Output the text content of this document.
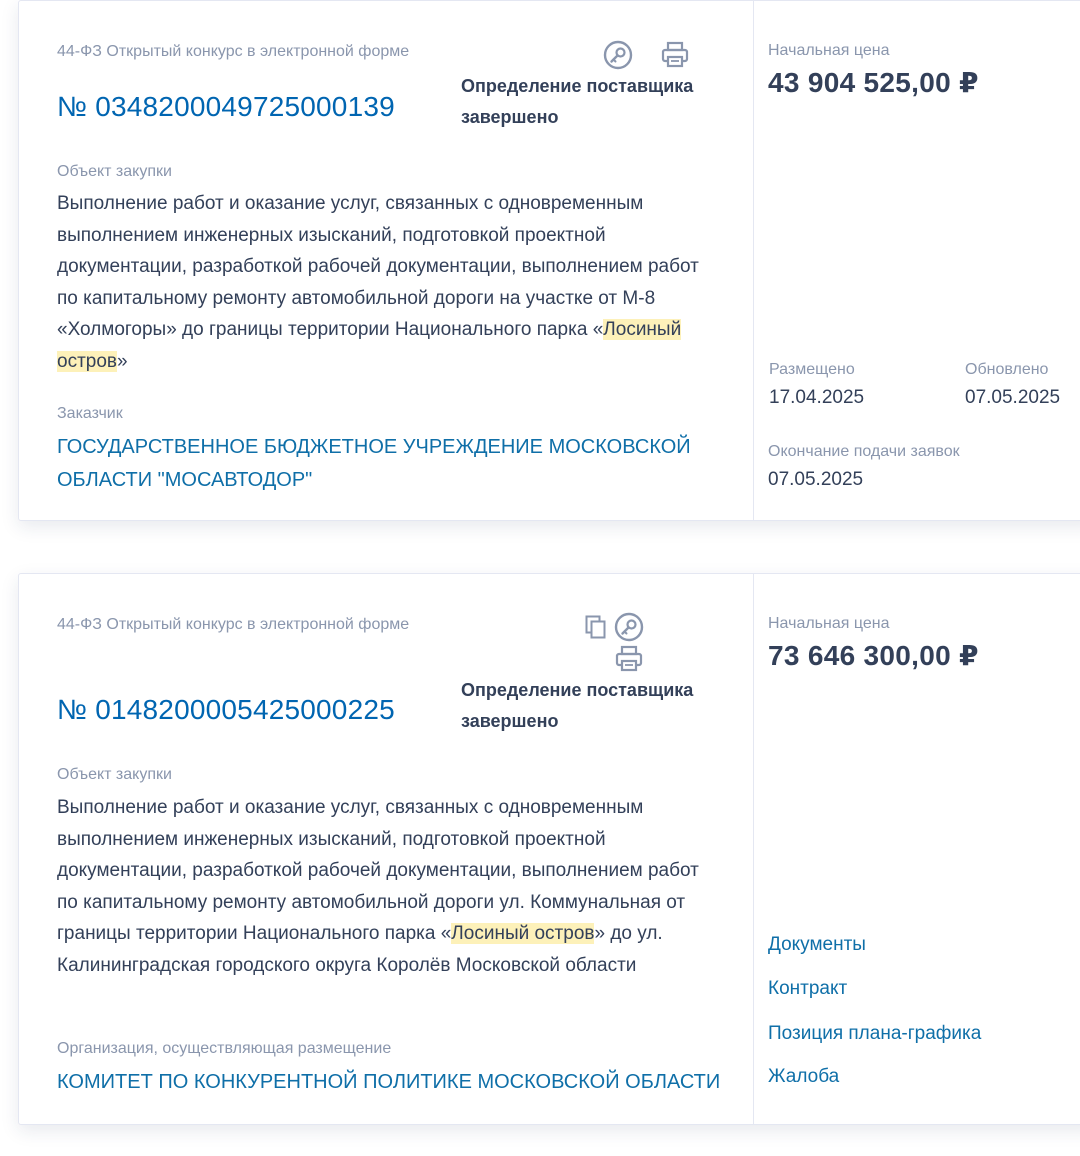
44-ФЗ Открытый конкурс в электронной форме
№ 0348200049725000139
Определение поставщика завершено
Объект закупки
Выполнение работ и оказание услуг, связанных с одновременным выполнением инженерных изысканий, подготовкой проектной документации, разработкой рабочей документации, выполнением работ по капитальному ремонту автомобильной дороги на участке от М-8 «Холмогоры» до границы территории Национального парка «Лосиный остров»
Заказчик
ГОСУДАРСТВЕННОЕ БЮДЖЕТНОЕ УЧРЕЖДЕНИЕ МОСКОВСКОЙ ОБЛАСТИ "МОСАВТОДОР"
Начальная цена
43 904 525,00 ₽
Размещено
17.04.2025
Обновлено
07.05.2025
Окончание подачи заявок
07.05.2025
44-ФЗ Открытый конкурс в электронной форме
№ 0148200005425000225
Определение поставщика завершено
Объект закупки
Выполнение работ и оказание услуг, связанных с одновременным выполнением инженерных изысканий, подготовкой проектной документации, разработкой рабочей документации, выполнением работ по капитальному ремонту автомобильной дороги ул. Коммунальная от границы территории Национального парка «Лосиный остров» до ул. Калининградская городского округа Королёв Московской области
Организация, осуществляющая размещение
КОМИТЕТ ПО КОНКУРЕНТНОЙ ПОЛИТИКЕ МОСКОВСКОЙ ОБЛАСТИ
Начальная цена
73 646 300,00 ₽
Документы
Контракт
Позиция плана-графика
Жалоба
